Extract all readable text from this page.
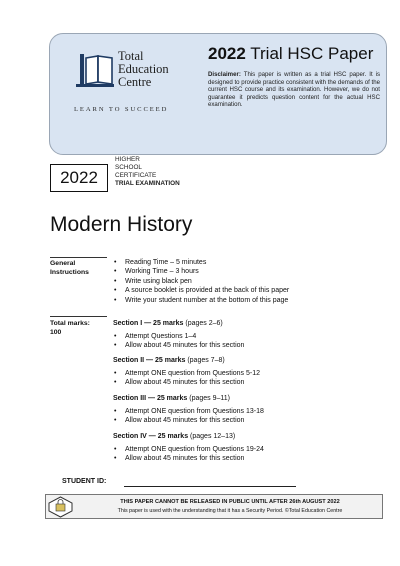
Total
Education
Centre
LEARN TO SUCCEED
2022 Trial HSC Paper
Disclaimer: This paper is written as a trial HSC paper. It is designed to provide practice consistent with the demands of the current HSC course and its examination. However, we do not guarantee it predicts question content for the actual HSC examination.
2022
HIGHER
SCHOOL
CERTIFICATE
TRIAL EXAMINATION
Modern History
General
Instructions
• Reading Time – 5 minutes
• Working Time – 3 hours
• Write using black pen
• A source booklet is provided at the back of this paper
• Write your student number at the bottom of this page
Total marks:
100
Section I — 25 marks (pages 2–6)
• Attempt Questions 1–4
• Allow about 45 minutes for this section
Section II — 25 marks (pages 7–8)
• Attempt ONE question from Questions 5-12
• Allow about 45 minutes for this section
Section III — 25 marks (pages 9–11)
• Attempt ONE question from Questions 13-18
• Allow about 45 minutes for this section
Section IV — 25 marks (pages 12–13)
• Attempt ONE question from Questions 19-24
• Allow about 45 minutes for this section
STUDENT ID:
THIS PAPER CANNOT BE RELEASED IN PUBLIC UNTIL AFTER 26th AUGUST 2022
This paper is used with the understanding that it has a Security Period. ©Total Education Centre
